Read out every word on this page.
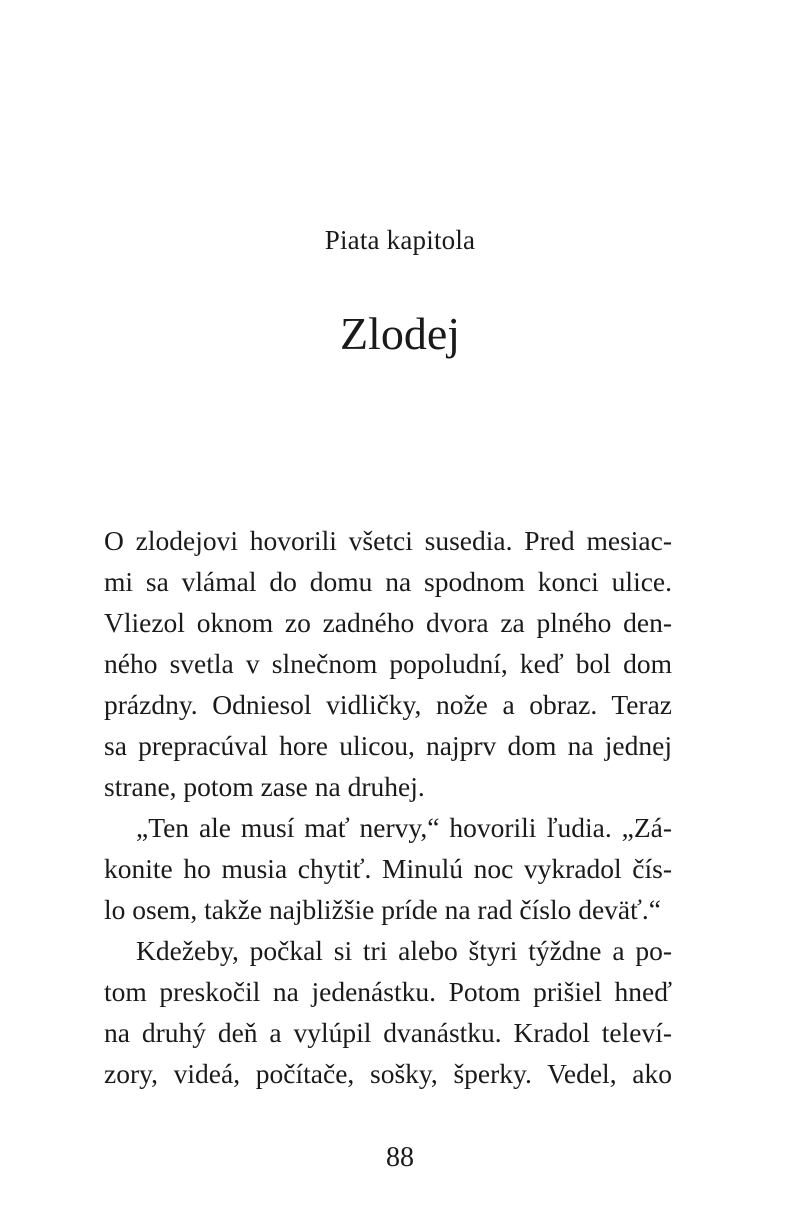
Piata kapitola
Zlodej
O zlodejovi hovorili všetci susedia. Pred mesiac-
mi sa vlámal do domu na spodnom konci ulice.
Vliezol oknom zo zadného dvora za plného den-
ného svetla v slnečnom popoludní, keď bol dom
prázdny. Odniesol vidličky, nože a obraz. Teraz
sa prepracúval hore ulicou, najprv dom na jednej
strane, potom zase na druhej.
„Ten ale musí mať nervy,“ hovorili ľudia. „Zá-
konite ho musia chytiť. Minulú noc vykradol čís-
lo osem, takže najbližšie príde na rad číslo deväť.“
Kdežeby, počkal si tri alebo štyri týždne a po-
tom preskočil na jedenástku. Potom prišiel hneď
na druhý deň a vylúpil dvanástku. Kradol televí-
zory, videá, počítače, sošky, šperky. Vedel, ako
88
